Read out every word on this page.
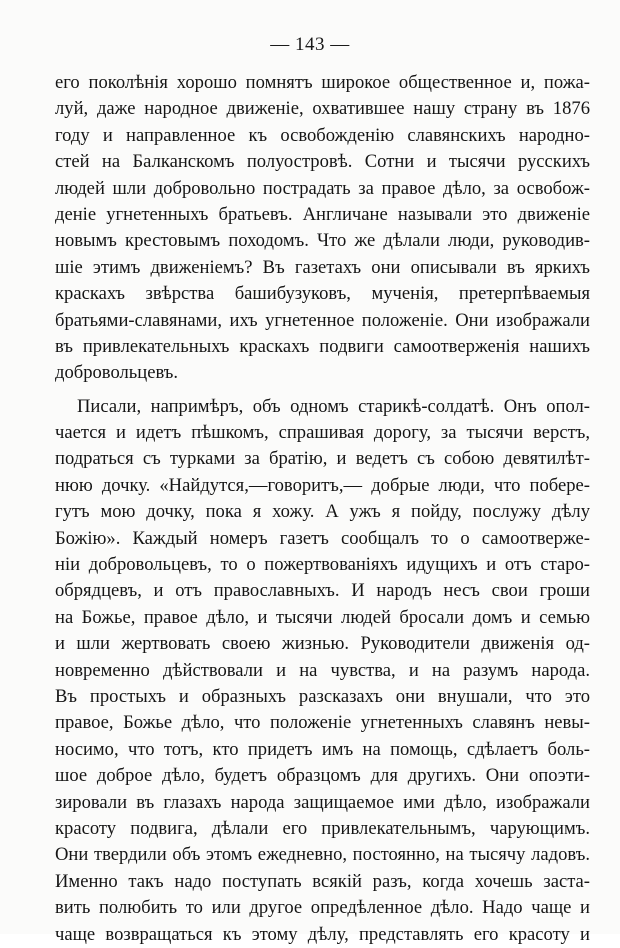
— 143 —
его поколѣнія хорошо помнятъ широкое общественное и, пожа-
луй, даже народное движеніе, охватившее нашу страну въ 1876
году и направленное къ освобожденію славянскихъ народно-
стей на Балканскомъ полуостровѣ. Сотни и тысячи русскихъ
людей шли добровольно пострадать за правое дѣло, за освобож-
деніе угнетенныхъ братьевъ. Англичане называли это движеніе
новымъ крестовымъ походомъ. Что же дѣлали люди, руководив-
шіе этимъ движеніемъ? Въ газетахъ они описывали въ яркихъ
краскахъ звѣрства башибузуковъ, мученія, претерпѣваемыя
братьями-славянами, ихъ угнетенное положеніе. Они изображали
въ привлекательныхъ краскахъ подвиги самоотверженія нашихъ
добровольцевъ.
Писали, напримѣръ, объ одномъ старикѣ-солдатѣ. Онъ опол-
чается и идетъ пѣшкомъ, спрашивая дорогу, за тысячи верстъ,
подраться съ турками за братію, и ведетъ съ собою девятилѣт-
нюю дочку. «Найдутся,—говоритъ,— добрые люди, что побере-
гутъ мою дочку, пока я хожу. А ужъ я пойду, послужу дѣлу
Божію». Каждый номеръ газетъ сообщалъ то о самоотверже-
ніи добровольцевъ, то о пожертвованіяхъ идущихъ и отъ старо-
обрядцевъ, и отъ православныхъ. И народъ несъ свои гроши
на Божье, правое дѣло, и тысячи людей бросали домъ и семью
и шли жертвовать своею жизнью. Руководители движенія од-
новременно дѣйствовали и на чувства, и на разумъ народа.
Въ простыхъ и образныхъ разсказахъ они внушали, что это
правое, Божье дѣло, что положеніе угнетенныхъ славянъ невы-
носимо, что тотъ, кто придетъ имъ на помощь, сдѣлаетъ боль-
шое доброе дѣло, будетъ образцомъ для другихъ. Они опоэти-
зировали въ глазахъ народа защищаемое ими дѣло, изображали
красоту подвига, дѣлали его привлекательнымъ, чарующимъ.
Они твердили объ этомъ ежедневно, постоянно, на тысячу ладовъ.
Именно такъ надо поступать всякій разъ, когда хочешь заста-
вить полюбить то или другое опредѣленное дѣло. Надо чаще и
чаще возвращаться къ этому дѣлу, представлять его красоту и
